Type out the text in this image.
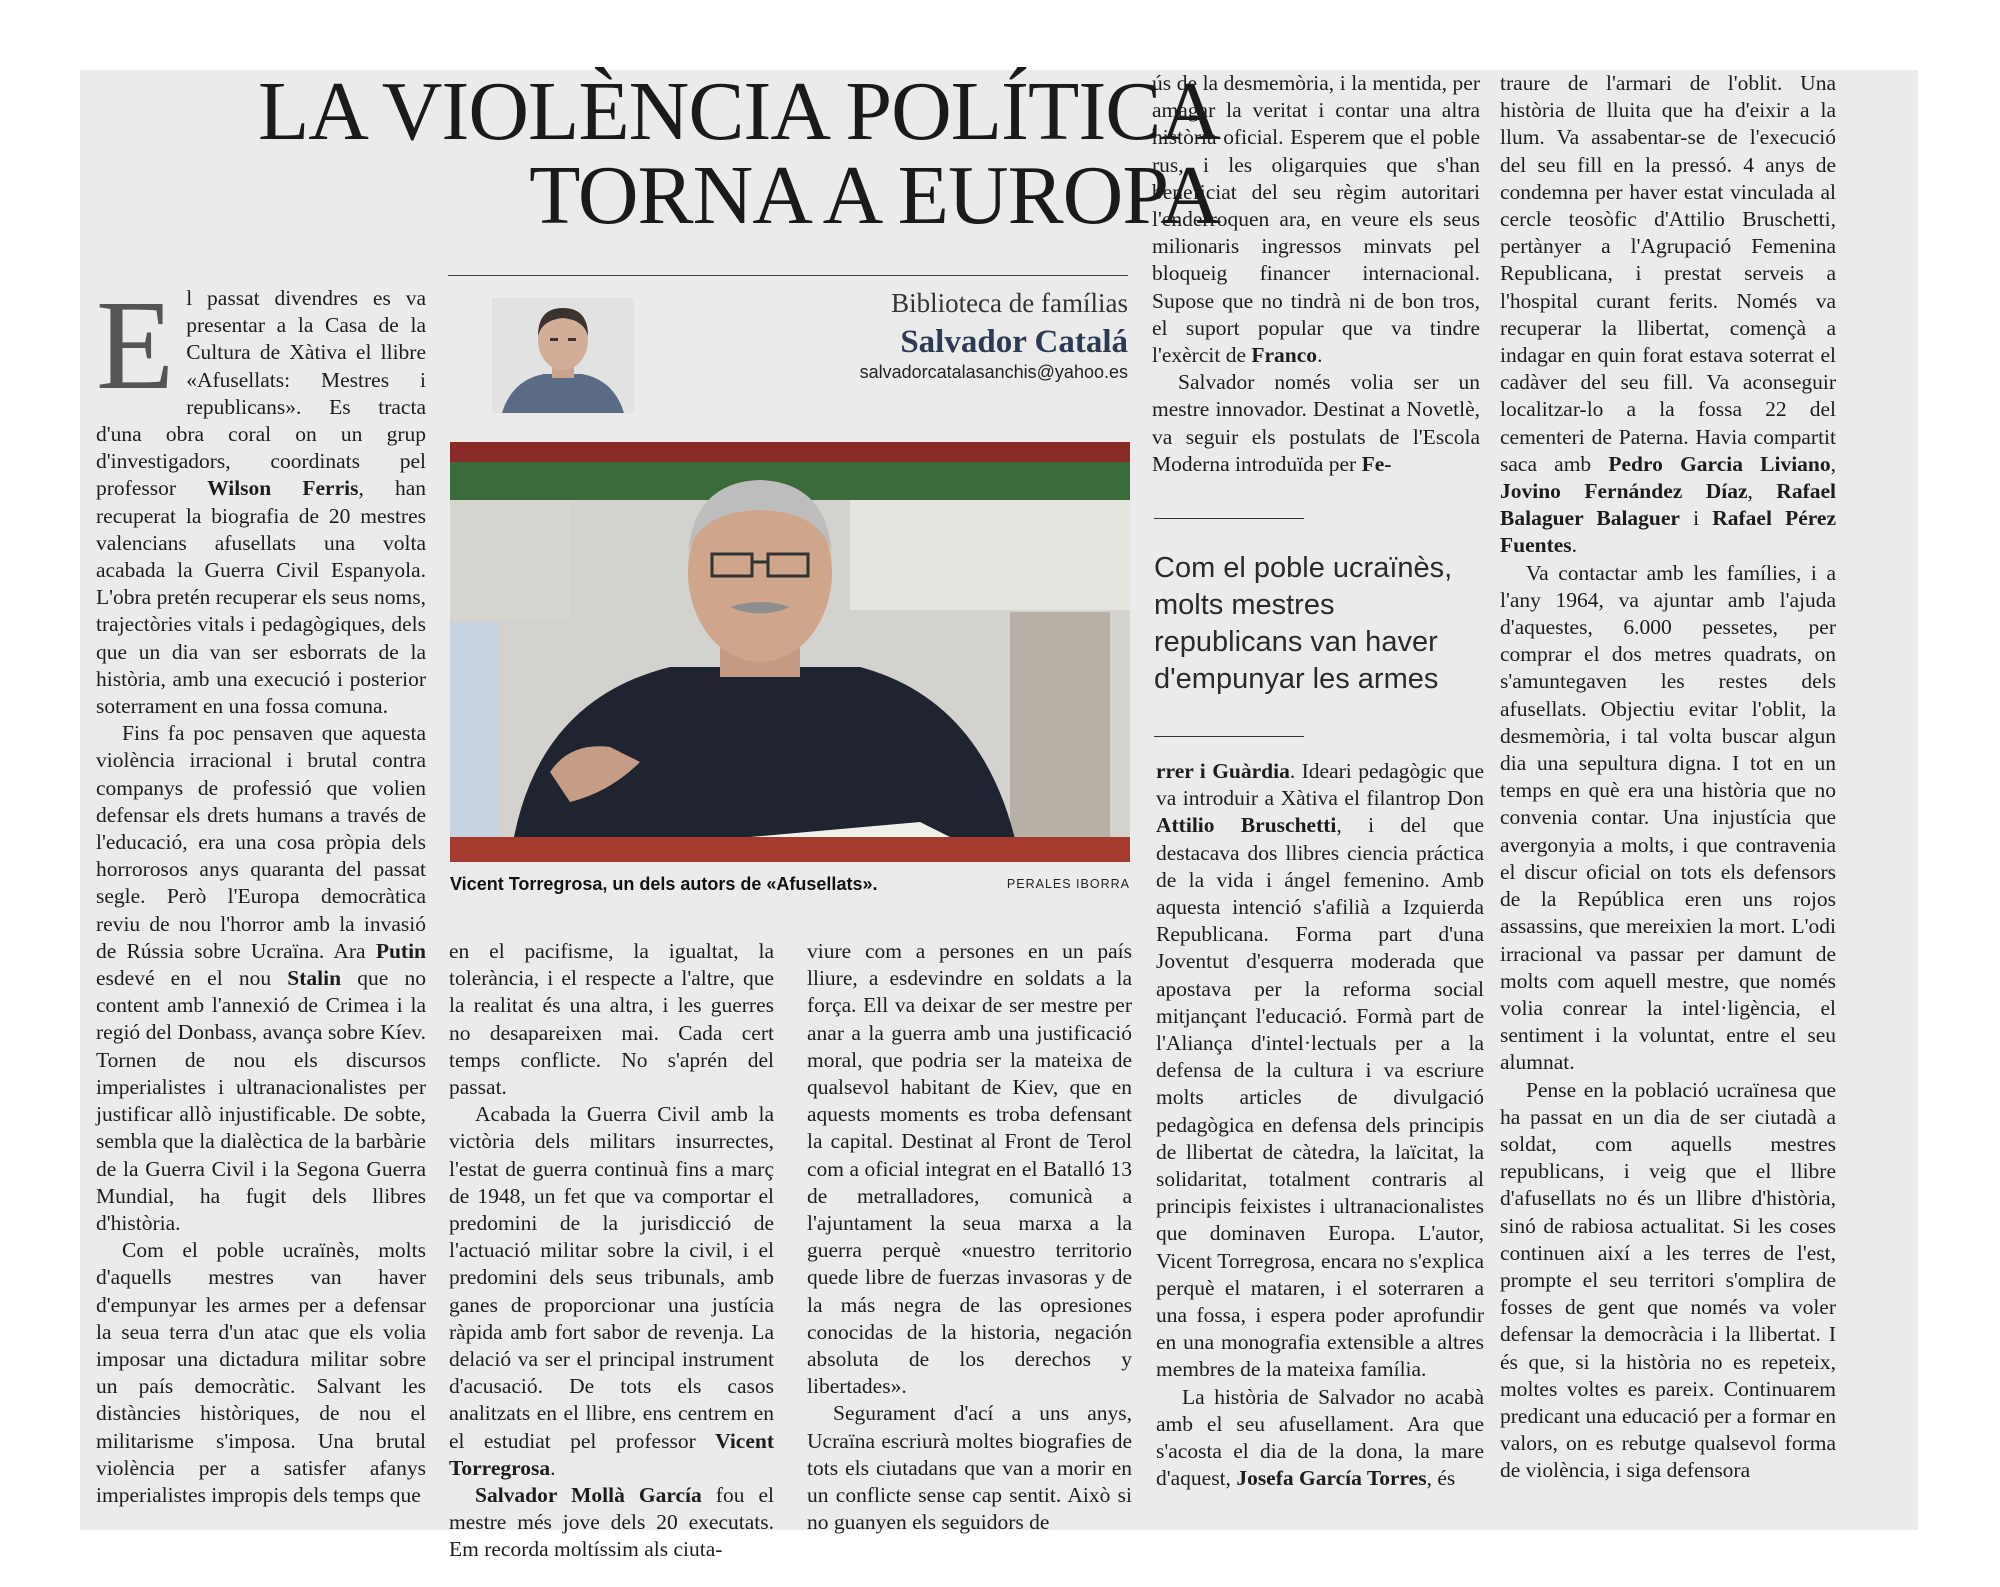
LA VIOLÈNCIA POLÍTICA
TORNA A EUROPA
E l passat divendres es va presentar a la Casa de la Cultura de Xàtiva el llibre «Afusellats: Mestres i republicans». Es tracta d'una obra coral on un grup d'investigadors, coordinats pel professor Wilson Ferris, han recuperat la biografia de 20 mestres valencians afusellats una volta acabada la Guerra Civil Espanyola. L'obra pretén recuperar els seus noms, trajectòries vitals i pedagògiques, dels que un dia van ser esborrats de la història, amb una execució i posterior soterrament en una fossa comuna.

Fins fa poc pensaven que aquesta violència irracional i brutal contra companys de professió que volien defensar els drets humans a través de l'educació, era una cosa pròpia dels horrorosos anys quaranta del passat segle. Però l'Europa democràtica reviu de nou l'horror amb la invasió de Rússia sobre Ucraïna. Ara Putin esdevé en el nou Stalin que no content amb l'annexió de Crimea i la regió del Donbass, avança sobre Kíev. Tornen de nou els discursos imperialistes i ultranacionalistes per justificar allò injustificable. De sobte, sembla que la dialèctica de la barbàrie de la Guerra Civil i la Segona Guerra Mundial, ha fugit dels llibres d'història.

Com el poble ucraïnès, molts d'aquells mestres van haver d'empunyar les armes per a defensar la seua terra d'un atac que els volia imposar una dictadura militar sobre un país democràtic. Salvant les distàncies històriques, de nou el militarisme s'imposa. Una brutal violència per a satisfer afanys imperialistes impropis dels temps que

Biblioteca de famílias
Salvador Catalá
salvadorcatalasanchis@yahoo.es
Vicent Torregrosa, un dels autors de «Afusellats».	PERALES IBORRA

en el pacifisme, la igualtat, la tolerància, i el respecte a l'altre, que la realitat és una altra, i les guerres no desapareixen mai. Cada cert temps conflicte. No s'aprén del passat.

Acabada la Guerra Civil amb la victòria dels militars insurrectes, l'estat de guerra continuà fins a març de 1948, un fet que va comportar el predomini de la jurisdicció de l'actuació militar sobre la civil, i el predomini dels seus tribunals, amb ganes de proporcionar una justícia ràpida amb fort sabor de revenja. La delació va ser el principal instrument d'acusació. De tots els casos analitzats en el llibre, ens centrem en el estudiat pel professor Vicent Torregrosa.

Salvador Mollà García fou el mestre més jove dels 20 executats. Em recorda moltíssim als ciuta-

viure com a persones en un país lliure, a esdevindre en soldats a la força. Ell va deixar de ser mestre per anar a la guerra amb una justificació moral, que podria ser la mateixa de qualsevol habitant de Kiev, que en aquests moments es troba defensant la capital. Destinat al Front de Terol com a oficial integrat en el Batalló 13 de metralladores, comunicà a l'ajuntament la seua marxa a la guerra perquè «nuestro territorio quede libre de fuerzas invasoras y de la más negra de las opresiones conocidas de la historia, negación absoluta de los derechos y libertades».

Segurament d'ací a uns anys, Ucraïna escriurà moltes biografies de tots els ciutadans que van a morir en un conflicte sense cap sentit. Això si no guanyen els seguidors de

ús de la desmemòria, i la mentida, per amagar la veritat i contar una altra història oficial. Esperem que el poble rus, i les oligarquies que s'han beneficiat del seu règim autoritari l'enderroquen ara, en veure els seus milionaris ingressos minvats pel bloqueig financer internacional. Supose que no tindrà ni de bon tros, el suport popular que va tindre l'exèrcit de Franco.

Salvador només volia ser un mestre innovador. Destinat a Novetlè, va seguir els postulats de l'Escola Moderna introduïda per Fe-

Com el poble ucraïnès, molts mestres republicans van haver d'empunyar les armes

rrer i Guàrdia. Ideari pedagògic que va introduir a Xàtiva el filantrop Don Attilio Bruschetti, i del que destacava dos llibres ciencia práctica de la vida i ángel femenino. Amb aquesta intenció s'afilià a Izquierda Republicana. Forma part d'una Joventut d'esquerra moderada que apostava per la reforma social mitjançant l'educació. Formà part de l'Aliança d'intel·lectuals per a la defensa de la cultura i va escriure molts articles de divulgació pedagògica en defensa dels principis de llibertat de càtedra, la laïcitat, la solidaritat, totalment contraris al principis feixistes i ultranacionalistes que dominaven Europa. L'autor, Vicent Torregrosa, encara no s'explica perquè el mataren, i el soterraren a una fossa, i espera poder aprofundir en una monografia extensible a altres membres de la mateixa família.

La història de Salvador no acabà amb el seu afusellament. Ara que s'acosta el dia de la dona, la mare d'aquest, Josefa García Torres, és

traure de l'armari de l'oblit. Una història de lluita que ha d'eixir a la llum. Va assabentar-se de l'execució del seu fill en la pressó. 4 anys de condemna per haver estat vinculada al cercle teosòfic d'Attilio Bruschetti, pertànyer a l'Agrupació Femenina Republicana, i prestat serveis a l'hospital curant ferits. Només va recuperar la llibertat, començà a indagar en quin forat estava soterrat el cadàver del seu fill. Va aconseguir localitzar-lo a la fossa 22 del cementeri de Paterna. Havia compartit saca amb Pedro Garcia Liviano, Jovino Fernández Díaz, Rafael Balaguer Balaguer i Rafael Pérez Fuentes.

Va contactar amb les famílies, i a l'any 1964, va ajuntar amb l'ajuda d'aquestes, 6.000 pessetes, per comprar el dos metres quadrats, on s'amuntegaven les restes dels afusellats. Objectiu evitar l'oblit, la desmemòria, i tal volta buscar algun dia una sepultura digna. I tot en un temps en què era una història que no convenia contar. Una injustícia que avergonyia a molts, i que contravenia el discur oficial on tots els defensors de la República eren uns rojos assassins, que mereixien la mort. L'odi irracional va passar per damunt de molts com aquell mestre, que només volia conrear la intel·ligència, el sentiment i la voluntat, entre el seu alumnat.

Pense en la població ucraïnesa que ha passat en un dia de ser ciutadà a soldat, com aquells mestres republicans, i veig que el llibre d'afusellats no és un llibre d'història, sinó de rabiosa actualitat. Si les coses continuen així a les terres de l'est, prompte el seu territori s'omplira de fosses de gent que només va voler defensar la democràcia i la llibertat. I és que, si la història no es repeteix, moltes voltes es pareix. Continuarem predicant una educació per a formar en valors, on es rebutge qualsevol forma de violència, i siga defensora
